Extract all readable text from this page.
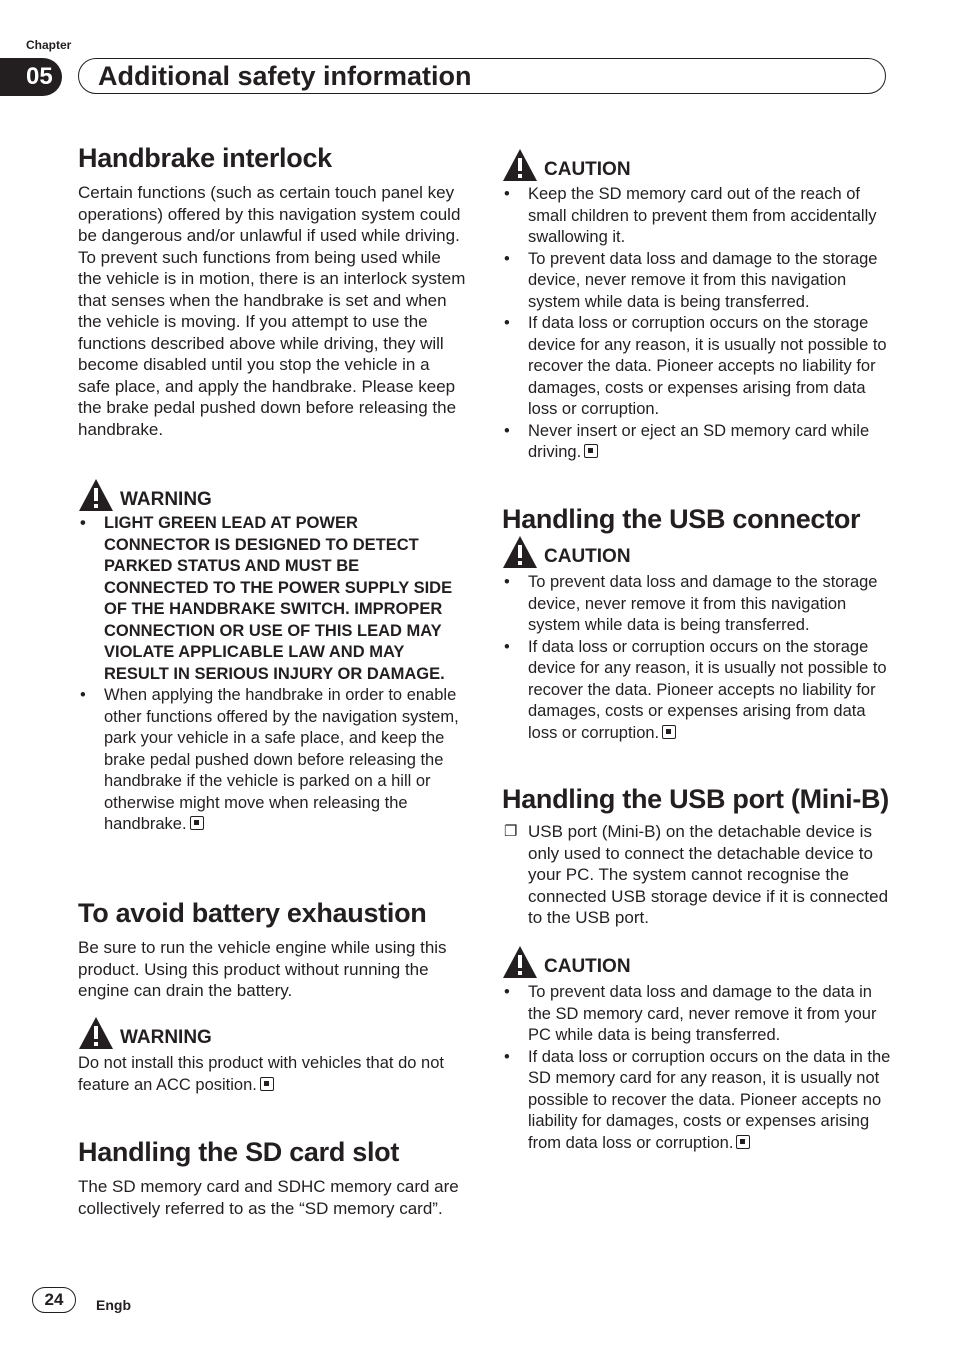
Chapter
05	Additional safety information
Handbrake interlock

Certain functions (such as certain touch panel key operations) offered by this navigation system could be dangerous and/or unlawful if used while driving. To prevent such functions from being used while the vehicle is in motion, there is an interlock system that senses when the handbrake is set and when the vehicle is moving. If you attempt to use the functions described above while driving, they will become disabled until you stop the vehicle in a safe place, and apply the handbrake. Please keep the brake pedal pushed down before releasing the handbrake.

WARNING
• LIGHT GREEN LEAD AT POWER CONNECTOR IS DESIGNED TO DETECT PARKED STATUS AND MUST BE CONNECTED TO THE POWER SUPPLY SIDE OF THE HANDBRAKE SWITCH. IMPROPER CONNECTION OR USE OF THIS LEAD MAY VIOLATE APPLICABLE LAW AND MAY RESULT IN SERIOUS INJURY OR DAMAGE.
• When applying the handbrake in order to enable other functions offered by the navigation system, park your vehicle in a safe place, and keep the brake pedal pushed down before releasing the handbrake if the vehicle is parked on a hill or otherwise might move when releasing the handbrake.
To avoid battery exhaustion

Be sure to run the vehicle engine while using this product. Using this product without running the engine can drain the battery.

WARNING

Do not install this product with vehicles that do not feature an ACC position.

Handling the SD card slot

The SD memory card and SDHC memory card are collectively referred to as the “SD memory card”.

CAUTION
• Keep the SD memory card out of the reach of small children to prevent them from accidentally swallowing it.
• To prevent data loss and damage to the storage device, never remove it from this navigation system while data is being transferred.
• If data loss or corruption occurs on the storage device for any reason, it is usually not possible to recover the data. Pioneer accepts no liability for damages, costs or expenses arising from data loss or corruption.
• Never insert or eject an SD memory card while driving.
Handling the USB connector
CAUTION
• To prevent data loss and damage to the storage device, never remove it from this navigation system while data is being transferred.
• If data loss or corruption occurs on the storage device for any reason, it is usually not possible to recover the data. Pioneer accepts no liability for damages, costs or expenses arising from data loss or corruption.
Handling the USB port (Mini-B)
❐ USB port (Mini-B) on the detachable device is only used to connect the detachable device to your PC. The system cannot recognise the connected USB storage device if it is connected to the USB port.
CAUTION
• To prevent data loss and damage to the data in the SD memory card, never remove it from your PC while data is being transferred.
• If data loss or corruption occurs on the data in the SD memory card for any reason, it is usually not possible to recover the data. Pioneer accepts no liability for damages, costs or expenses arising from data loss or corruption.
24	Engb
